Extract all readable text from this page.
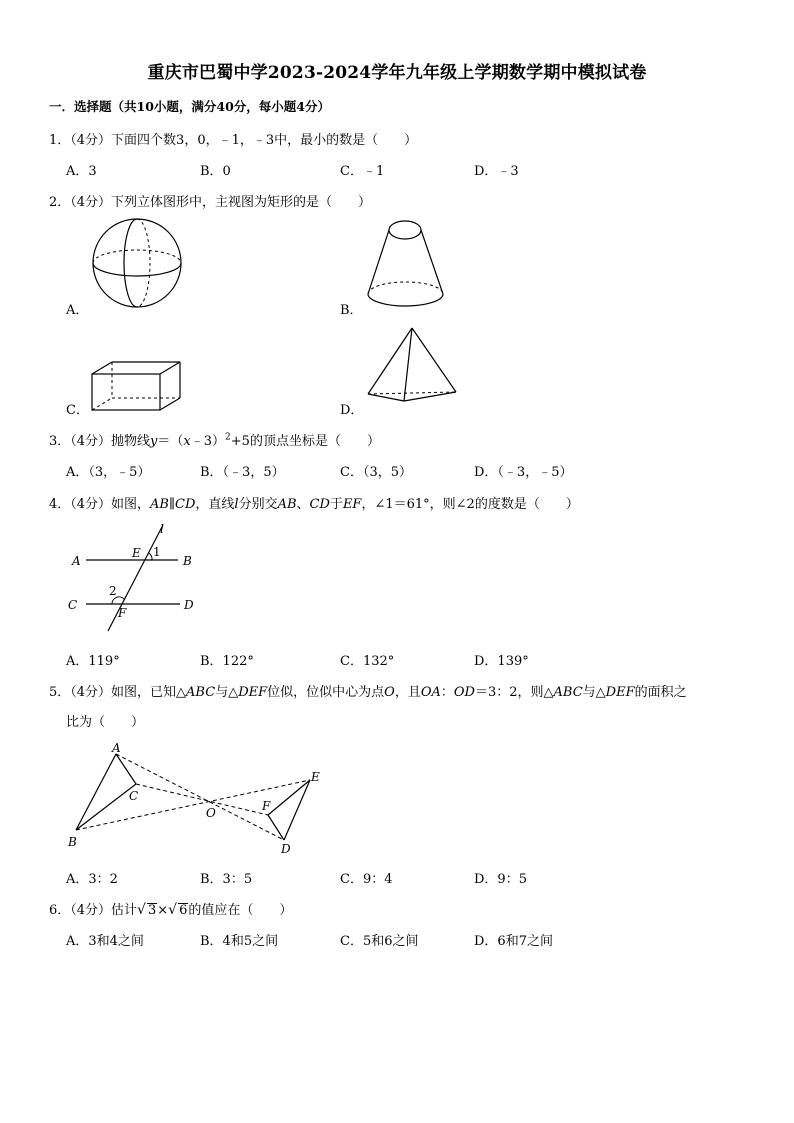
重庆市巴蜀中学2023-2024学年九年级上学期数学期中模拟试卷
一．选择题（共10小题，满分40分，每小题4分）
1．（4分）下面四个数3，0，﹣1，﹣3中，最小的数是（　　）
A．3	B．0	C．﹣1	D．﹣3
2．（4分）下列立体图形中，主视图为矩形的是（　　）
A．	B．
C．	D．
3．（4分）抛物线y＝（x﹣3）$^2$+5的顶点坐标是（　　）
A．（3，﹣5）	B．（﹣3，5）	C．（3，5）	D．（﹣3，﹣5）
4．（4分）如图，AB∥CD，直线l分别交AB、CD于EF，∠1＝61°，则∠2的度数是（　　）
l
A	B
C	D
E
F
1
2
A．119°	B．122°	C．132°	D．139°
5．（4分）如图，已知△ABC与△DEF位似，位似中心为点O，且OA：OD＝3：2，则△ABC与△DEF的面积之
比为（　　）
A
B
C
D
E
F
O
A．3：2	B．3：5	C．9：4	D．9：5
6．（4分）估计√ 3×√ 6的值应在（　　）
A．3和4之间	B．4和5之间	C．5和6之间	D．6和7之间
